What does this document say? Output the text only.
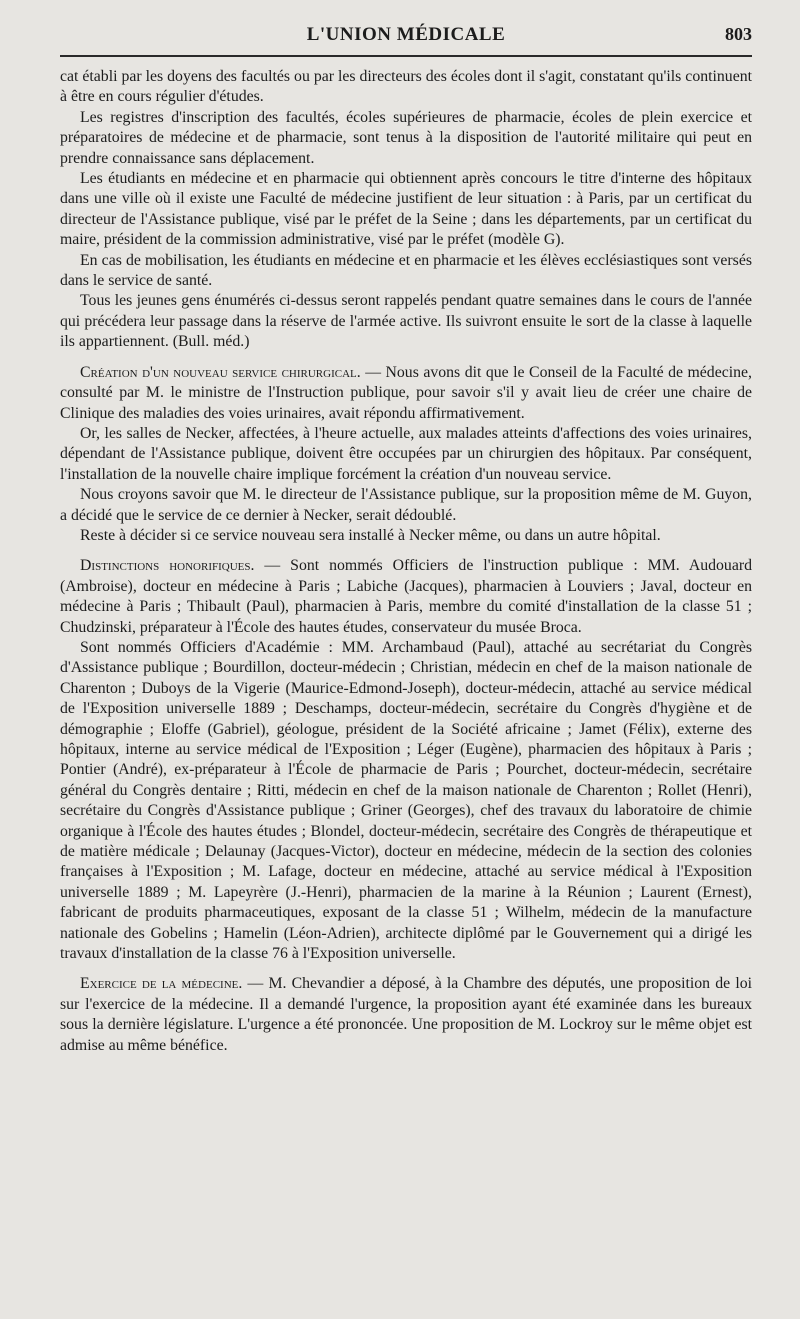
L'UNION MÉDICALE	803

cat établi par les doyens des facultés ou par les directeurs des écoles dont il s'agit, constatant qu'ils continuent à être en cours régulier d'études.

Les registres d'inscription des facultés, écoles supérieures de pharmacie, écoles de plein exercice et préparatoires de médecine et de pharmacie, sont tenus à la disposition de l'autorité militaire qui peut en prendre connaissance sans déplacement.

Les étudiants en médecine et en pharmacie qui obtiennent après concours le titre d'interne des hôpitaux dans une ville où il existe une Faculté de médecine justifient de leur situation : à Paris, par un certificat du directeur de l'Assistance publique, visé par le préfet de la Seine ; dans les départements, par un certificat du maire, président de la commission administrative, visé par le préfet (modèle G).

En cas de mobilisation, les étudiants en médecine et en pharmacie et les élèves ecclésiastiques sont versés dans le service de santé.

Tous les jeunes gens énumérés ci-dessus seront rappelés pendant quatre semaines dans le cours de l'année qui précédera leur passage dans la réserve de l'armée active. Ils suivront ensuite le sort de la classe à laquelle ils appartiennent. (Bull. méd.)

Création d'un nouveau service chirurgical. — Nous avons dit que le Conseil de la Faculté de médecine, consulté par M. le ministre de l'Instruction publique, pour savoir s'il y avait lieu de créer une chaire de Clinique des maladies des voies urinaires, avait répondu affirmativement.

Or, les salles de Necker, affectées, à l'heure actuelle, aux malades atteints d'affections des voies urinaires, dépendant de l'Assistance publique, doivent être occupées par un chirurgien des hôpitaux. Par conséquent, l'installation de la nouvelle chaire implique forcément la création d'un nouveau service.

Nous croyons savoir que M. le directeur de l'Assistance publique, sur la proposition même de M. Guyon, a décidé que le service de ce dernier à Necker, serait dédoublé.

Reste à décider si ce service nouveau sera installé à Necker même, ou dans un autre hôpital.

Distinctions honorifiques. — Sont nommés Officiers de l'instruction publique : MM. Audouard (Ambroise), docteur en médecine à Paris ; Labiche (Jacques), pharmacien à Louviers ; Javal, docteur en médecine à Paris ; Thibault (Paul), pharmacien à Paris, membre du comité d'installation de la classe 51 ; Chudzinski, préparateur à l'École des hautes études, conservateur du musée Broca.

Sont nommés Officiers d'Académie : MM. Archambaud (Paul), attaché au secrétariat du Congrès d'Assistance publique ; Bourdillon, docteur-médecin ; Christian, médecin en chef de la maison nationale de Charenton ; Duboys de la Vigerie (Maurice-Edmond-Joseph), docteur-médecin, attaché au service médical de l'Exposition universelle 1889 ; Deschamps, docteur-médecin, secrétaire du Congrès d'hygiène et de démographie ; Eloffe (Gabriel), géologue, président de la Société africaine ; Jamet (Félix), externe des hôpitaux, interne au service médical de l'Exposition ; Léger (Eugène), pharmacien des hôpitaux à Paris ; Pontier (André), ex-préparateur à l'École de pharmacie de Paris ; Pourchet, docteur-médecin, secrétaire général du Congrès dentaire ; Ritti, médecin en chef de la maison nationale de Charenton ; Rollet (Henri), secrétaire du Congrès d'Assistance publique ; Griner (Georges), chef des travaux du laboratoire de chimie organique à l'École des hautes études ; Blondel, docteur-médecin, secrétaire des Congrès de thérapeutique et de matière médicale ; Delaunay (Jacques-Victor), docteur en médecine, médecin de la section des colonies françaises à l'Exposition ; M. Lafage, docteur en médecine, attaché au service médical à l'Exposition universelle 1889 ; M. Lapeyrère (J.-Henri), pharmacien de la marine à la Réunion ; Laurent (Ernest), fabricant de produits pharmaceutiques, exposant de la classe 51 ; Wilhelm, médecin de la manufacture nationale des Gobelins ; Hamelin (Léon-Adrien), architecte diplômé par le Gouvernement qui a dirigé les travaux d'installation de la classe 76 à l'Exposition universelle.

Exercice de la médecine. — M. Chevandier a déposé, à la Chambre des députés, une proposition de loi sur l'exercice de la médecine. Il a demandé l'urgence, la proposition ayant été examinée dans les bureaux sous la dernière législature. L'urgence a été prononcée. Une proposition de M. Lockroy sur le même objet est admise au même bénéfice.
